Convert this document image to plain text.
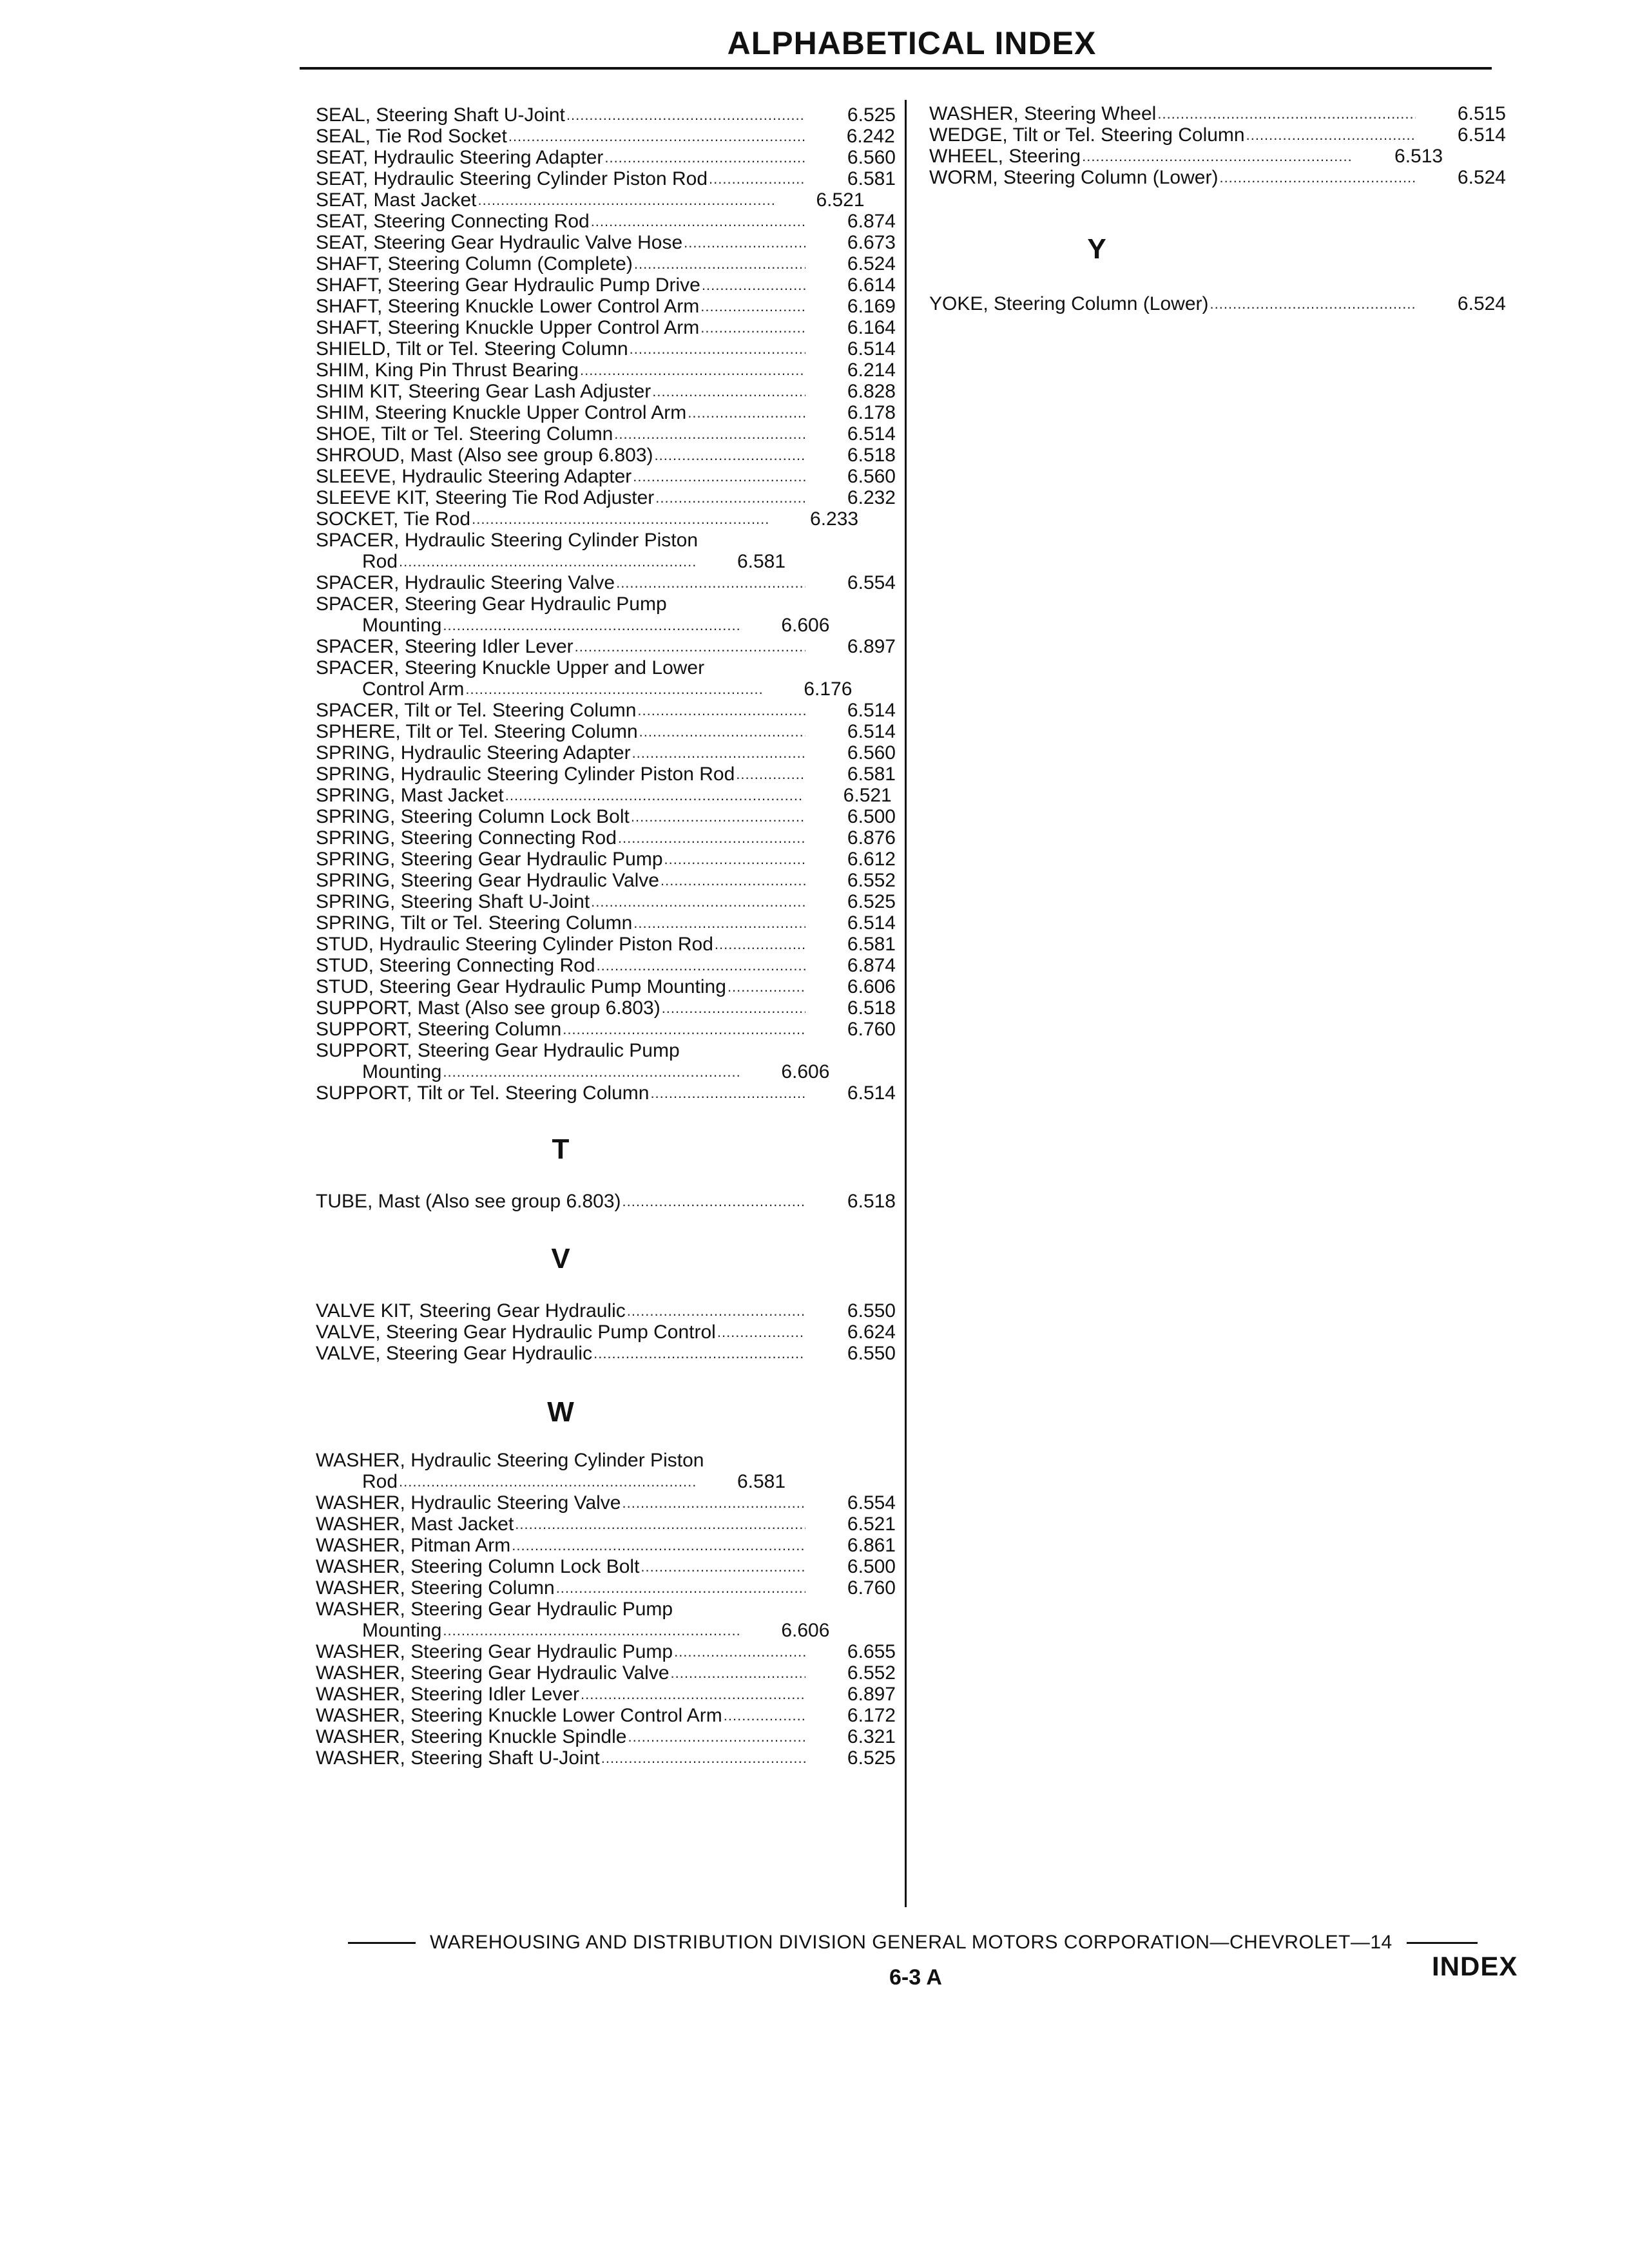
ALPHABETICAL INDEX
SEAL, Steering Shaft U-Joint .....	6.525
SEAL, Tie Rod Socket .....	6.242
SEAT, Hydraulic Steering Adapter .....	6.560
SEAT, Hydraulic Steering Cylinder Piston Rod .....	6.581
SEAT, Mast Jacket .....	6.521
SEAT, Steering Connecting Rod .....	6.874
SEAT, Steering Gear Hydraulic Valve Hose .....	6.673
SHAFT, Steering Column (Complete) .....	6.524
SHAFT, Steering Gear Hydraulic Pump Drive .....	6.614
SHAFT, Steering Knuckle Lower Control Arm .....	6.169
SHAFT, Steering Knuckle Upper Control Arm .....	6.164
SHIELD, Tilt or Tel. Steering Column .....	6.514
SHIM, King Pin Thrust Bearing .....	6.214
SHIM KIT, Steering Gear Lash Adjuster .....	6.828
SHIM, Steering Knuckle Upper Control Arm .....	6.178
SHOE, Tilt or Tel. Steering Column .....	6.514
SHROUD, Mast (Also see group 6.803) .....	6.518
SLEEVE, Hydraulic Steering Adapter .....	6.560
SLEEVE KIT, Steering Tie Rod Adjuster .....	6.232
SOCKET, Tie Rod .....	6.233
SPACER, Hydraulic Steering Cylinder Piston
Rod .....	6.581
SPACER, Hydraulic Steering Valve .....	6.554
SPACER, Steering Gear Hydraulic Pump
Mounting .....	6.606
SPACER, Steering Idler Lever .....	6.897
SPACER, Steering Knuckle Upper and Lower
Control Arm .....	6.176
SPACER, Tilt or Tel. Steering Column .....	6.514
SPHERE, Tilt or Tel. Steering Column .....	6.514
SPRING, Hydraulic Steering Adapter .....	6.560
SPRING, Hydraulic Steering Cylinder Piston Rod .....	6.581
SPRING, Mast Jacket .....	6.521
SPRING, Steering Column Lock Bolt .....	6.500
SPRING, Steering Connecting Rod .....	6.876
SPRING, Steering Gear Hydraulic Pump .....	6.612
SPRING, Steering Gear Hydraulic Valve .....	6.552
SPRING, Steering Shaft U-Joint .....	6.525
SPRING, Tilt or Tel. Steering Column .....	6.514
STUD, Hydraulic Steering Cylinder Piston Rod .....	6.581
STUD, Steering Connecting Rod .....	6.874
STUD, Steering Gear Hydraulic Pump Mounting .....	6.606
SUPPORT, Mast (Also see group 6.803) .....	6.518
SUPPORT, Steering Column .....	6.760
SUPPORT, Steering Gear Hydraulic Pump
Mounting .....	6.606
SUPPORT, Tilt or Tel. Steering Column .....	6.514
T
TUBE, Mast (Also see group 6.803) .....	6.518
V
VALVE KIT, Steering Gear Hydraulic .....	6.550
VALVE, Steering Gear Hydraulic Pump Control .....	6.624
VALVE, Steering Gear Hydraulic .....	6.550
W
WASHER, Hydraulic Steering Cylinder Piston
Rod .....	6.581
WASHER, Hydraulic Steering Valve .....	6.554
WASHER, Mast Jacket .....	6.521
WASHER, Pitman Arm .....	6.861
WASHER, Steering Column Lock Bolt .....	6.500
WASHER, Steering Column .....	6.760
WASHER, Steering Gear Hydraulic Pump
Mounting .....	6.606
WASHER, Steering Gear Hydraulic Pump .....	6.655
WASHER, Steering Gear Hydraulic Valve .....	6.552
WASHER, Steering Idler Lever .....	6.897
WASHER, Steering Knuckle Lower Control Arm .....	6.172
WASHER, Steering Knuckle Spindle .....	6.321
WASHER, Steering Shaft U-Joint .....	6.525
WASHER, Steering Wheel .....	6.515
WEDGE, Tilt or Tel. Steering Column .....	6.514
WHEEL, Steering .....	6.513
WORM, Steering Column (Lower) .....	6.524
Y
YOKE, Steering Column (Lower) .....	6.524
WAREHOUSING AND DISTRIBUTION DIVISION GENERAL MOTORS CORPORATION—CHEVROLET—14
6-3 A	INDEX
